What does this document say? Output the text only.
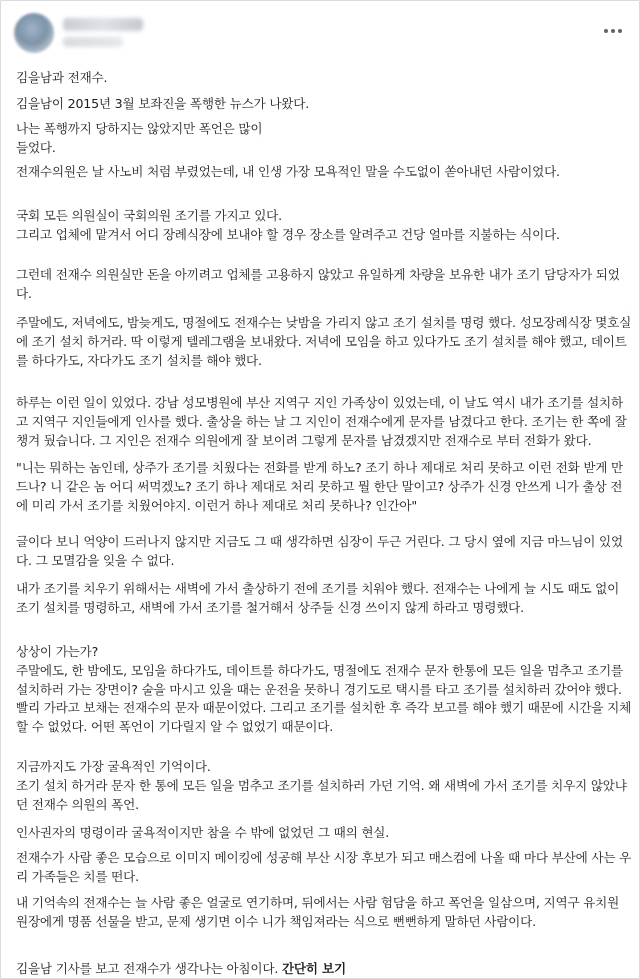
김을남과 전재수.

김을남이 2015년 3월 보좌진을 폭행한 뉴스가 나왔다.

나는 폭행까지 당하지는 않았지만 폭언은 많이
들었다.

전재수의원은 날 사노비 처럼 부렸었는데, 내 인생 가장 모욕적인 말을 수도없이 쏟아내던 사람이었다.

국회 모든 의원실이 국회의원 조기를 가지고 있다.
그리고 업체에 맡겨서 어디 장례식장에 보내야 할 경우 장소를 알려주고 건당 얼마를 지불하는 식이다.

그런데 전재수 의원실만 돈을 아끼려고 업체를 고용하지 않았고 유일하게 차량을 보유한 내가 조기 담당자가 되었다.

주말에도, 저녁에도, 밤늦게도, 명절에도 전재수는 낮밤을 가리지 않고 조기 설치를 명령 했다. 성모장례식장 몇호실에 조기 설치 하거라. 딱 이렇게 텔레그램을 보내왔다. 저녁에 모임을 하고 있다가도 조기 설치를 해야 했고, 데이트를 하다가도, 자다가도 조기 설치를 해야 했다.

하루는 이런 일이 있었다. 강남 성모병원에 부산 지역구 지인 가족상이 있었는데, 이 날도 역시 내가 조기를 설치하고 지역구 지인들에게 인사를 했다. 출상을 하는 날 그 지인이 전재수에게 문자를 남겼다고 한다. 조기는 한 쪽에 잘 챙겨 뒀습니다. 그 지인은 전재수 의원에게 잘 보이려 그렇게 문자를 남겼겠지만 전재수로 부터 전화가 왔다.

"니는 뭐하는 놈인데, 상주가 조기를 치웠다는 전화를 받게 하노? 조기 하나 제대로 처리 못하고 이런 전화 받게 만드나? 니 같은 놈 어디 써먹겠노? 조기 하나 제대로 처리 못하고 뭘 한단 말이고? 상주가 신경 안쓰게 니가 출상 전에 미리 가서 조기를 치웠어야지. 이런거 하나 제대로 처리 못하나? 인간아"

글이다 보니 억양이 드러나지 않지만 지금도 그 때 생각하면 심장이 두근 거린다. 그 당시 옆에 지금 마느님이 있었다. 그 모멸감을 잊을 수 없다.

내가 조기를 치우기 위해서는 새벽에 가서 출상하기 전에 조기를 치워야 했다. 전재수는 나에게 늘 시도 때도 없이 조기 설치를 명령하고, 새벽에 가서 조기를 철거해서 상주들 신경 쓰이지 않게 하라고 명령했다.

상상이 가는가?
주말에도, 한 밤에도, 모임을 하다가도, 데이트를 하다가도, 명절에도 전재수 문자 한통에 모든 일을 멈추고 조기를 설치하러 가는 장면이? 술을 마시고 있을 때는 운전을 못하니 경기도로 택시를 타고 조기를 설치하러 갔어야 했다. 빨리 가라고 보채는 전재수의 문자 때문이었다. 그리고 조기를 설치한 후 즉각 보고를 해야 했기 때문에 시간을 지체할 수 없었다. 어떤 폭언이 기다릴지 알 수 없었기 때문이다.

지금까지도 가장 굴욕적인 기억이다.
조기 설치 하거라 문자 한 통에 모든 일을 멈추고 조기를 설치하러 가던 기억. 왜 새벽에 가서 조기를 치우지 않았냐던 전재수 의원의 폭언.

인사권자의 명령이라 굴욕적이지만 참을 수 밖에 없었던 그 때의 현실.

전재수가 사람 좋은 모습으로 이미지 메이킹에 성공해 부산 시장 후보가 되고 매스컴에 나올 때 마다 부산에 사는 우리 가족들은 치를 떤다.

내 기억속의 전재수는 늘 사람 좋은 얼굴로 연기하며, 뒤에서는 사람 험담을 하고 폭언을 일삼으며, 지역구 유치원 원장에게 명품 선물을 받고, 문제 생기면 이수 니가 책임져라는 식으로 뻔뻔하게 말하던 사람이다.

김을남 기사를 보고 전재수가 생각나는 아침이다. 간단히 보기
